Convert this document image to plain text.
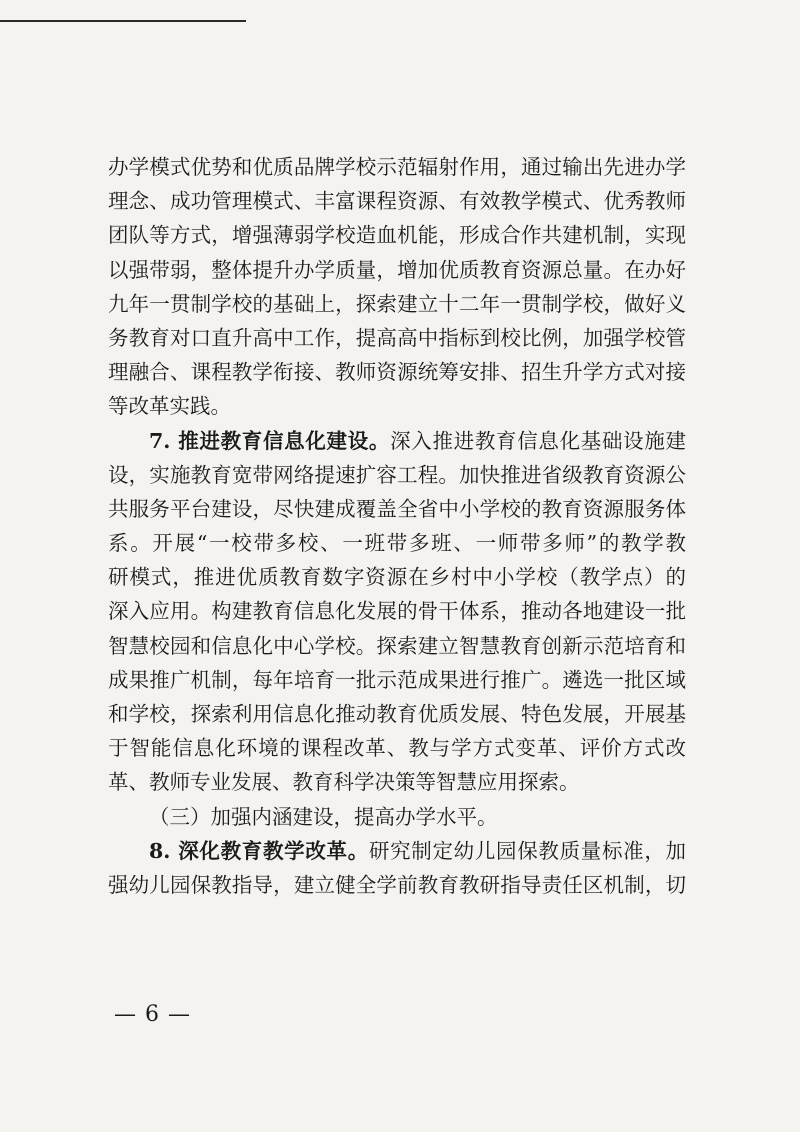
办学模式优势和优质品牌学校示范辐射作用，通过输出先进办学
理念、成功管理模式、丰富课程资源、有效教学模式、优秀教师
团队等方式，增强薄弱学校造血机能，形成合作共建机制，实现
以强带弱，整体提升办学质量，增加优质教育资源总量。在办好
九年一贯制学校的基础上，探索建立十二年一贯制学校，做好义
务教育对口直升高中工作，提高高中指标到校比例，加强学校管
理融合、课程教学衔接、教师资源统筹安排、招生升学方式对接
等改革实践。
7. 推进教育信息化建设。深入推进教育信息化基础设施建
设，实施教育宽带网络提速扩容工程。加快推进省级教育资源公
共服务平台建设，尽快建成覆盖全省中小学校的教育资源服务体
系。开展“一校带多校、一班带多班、一师带多师”的教学教
研模式，推进优质教育数字资源在乡村中小学校（教学点）的
深入应用。构建教育信息化发展的骨干体系，推动各地建设一批
智慧校园和信息化中心学校。探索建立智慧教育创新示范培育和
成果推广机制，每年培育一批示范成果进行推广。遴选一批区域
和学校，探索利用信息化推动教育优质发展、特色发展，开展基
于智能信息化环境的课程改革、教与学方式变革、评价方式改
革、教师专业发展、教育科学决策等智慧应用探索。
（三）加强内涵建设，提高办学水平。
8. 深化教育教学改革。研究制定幼儿园保教质量标准，加
强幼儿园保教指导，建立健全学前教育教研指导责任区机制，切
— 6 —
